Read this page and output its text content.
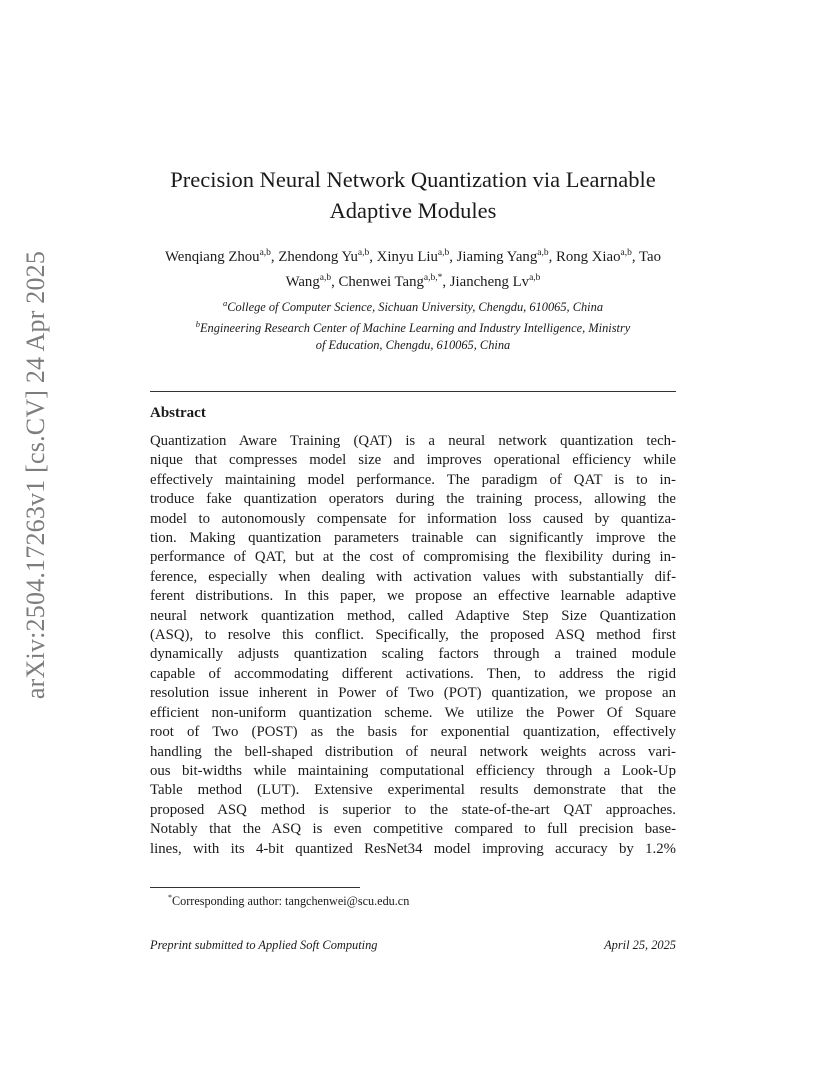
arXiv:2504.17263v1 [cs.CV] 24 Apr 2025
Precision Neural Network Quantization via Learnable
Adaptive Modules
Wenqiang Zhou$^{a,b}$, Zhendong Yu$^{a,b}$, Xinyu Liu$^{a,b}$, Jiaming Yang$^{a,b}$, Rong Xiao$^{a,b}$, Tao Wang$^{a,b}$, Chenwei Tang$^{a,b,*}$, Jiancheng Lv$^{a,b}$
$^a$College of Computer Science, Sichuan University, Chengdu, 610065, China
$^b$Engineering Research Center of Machine Learning and Industry Intelligence, Ministry
of Education, Chengdu, 610065, China
Abstract
Quantization Aware Training (QAT) is a neural network quantization tech-
nique that compresses model size and improves operational efficiency while
effectively maintaining model performance. The paradigm of QAT is to in-
troduce fake quantization operators during the training process, allowing the
model to autonomously compensate for information loss caused by quantiza-
tion. Making quantization parameters trainable can significantly improve the
performance of QAT, but at the cost of compromising the flexibility during in-
ference, especially when dealing with activation values with substantially dif-
ferent distributions. In this paper, we propose an effective learnable adaptive
neural network quantization method, called Adaptive Step Size Quantization
(ASQ), to resolve this conflict. Specifically, the proposed ASQ method first
dynamically adjusts quantization scaling factors through a trained module
capable of accommodating different activations. Then, to address the rigid
resolution issue inherent in Power of Two (POT) quantization, we propose an
efficient non-uniform quantization scheme. We utilize the Power Of Square
root of Two (POST) as the basis for exponential quantization, effectively
handling the bell-shaped distribution of neural network weights across vari-
ous bit-widths while maintaining computational efficiency through a Look-Up
Table method (LUT). Extensive experimental results demonstrate that the
proposed ASQ method is superior to the state-of-the-art QAT approaches.
Notably that the ASQ is even competitive compared to full precision base-
lines, with its 4-bit quantized ResNet34 model improving accuracy by 1.2%
*Corresponding author: tangchenwei@scu.edu.cn
Preprint submitted to Applied Soft Computing	April 25, 2025
